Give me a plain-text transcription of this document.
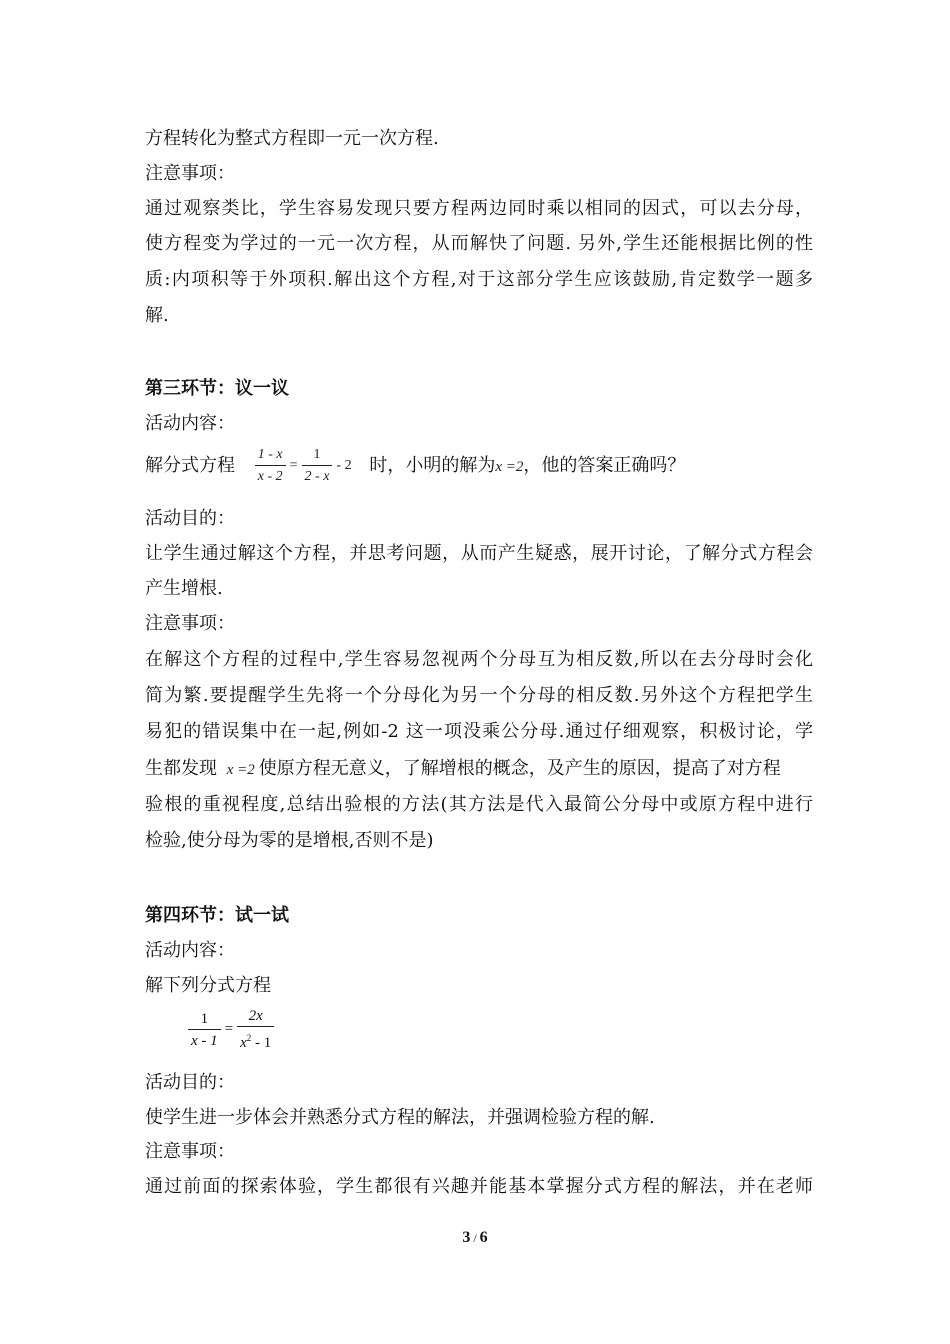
方程转化为整式方程即一元一次方程.
注意事项：
通过观察类比，学生容易发现只要方程两边同时乘以相同的因式，可以去分母，
使方程变为学过的一元一次方程，从而解快了问题. 另外,学生还能根据比例的性
质:内项积等于外项积.解出这个方程,对于这部分学生应该鼓励,肯定数学一题多
解.
第三环节：议一议
活动内容：
解分式方程 $\frac{1 - x}{x - 2} = \frac{1}{2 - x} - 2$ 时，小明的解为x =2，他的答案正确吗？
活动目的：
让学生通过解这个方程，并思考问题，从而产生疑惑，展开讨论，了解分式方程会
产生增根.
注意事项：
在解这个方程的过程中,学生容易忽视两个分母互为相反数,所以在去分母时会化
简为繁.要提醒学生先将一个分母化为另一个分母的相反数.另外这个方程把学生
易犯的错误集中在一起,例如-2 这一项没乘公分母.通过仔细观察，积极讨论，学
生都发现 x =2 使原方程无意义，了解增根的概念，及产生的原因，提高了对方程
验根的重视程度,总结出验根的方法(其方法是代入最简公分母中或原方程中进行
检验,使分母为零的是增根,否则不是)
第四环节：试一试
活动内容：
解下列分式方程
$\frac{1}{x - 1} = \frac{2x}{x^2 - 1}$
活动目的：
使学生进一步体会并熟悉分式方程的解法，并强调检验方程的解.
注意事项：
通过前面的探索体验，学生都很有兴趣并能基本掌握分式方程的解法，并在老师
3 / 6
